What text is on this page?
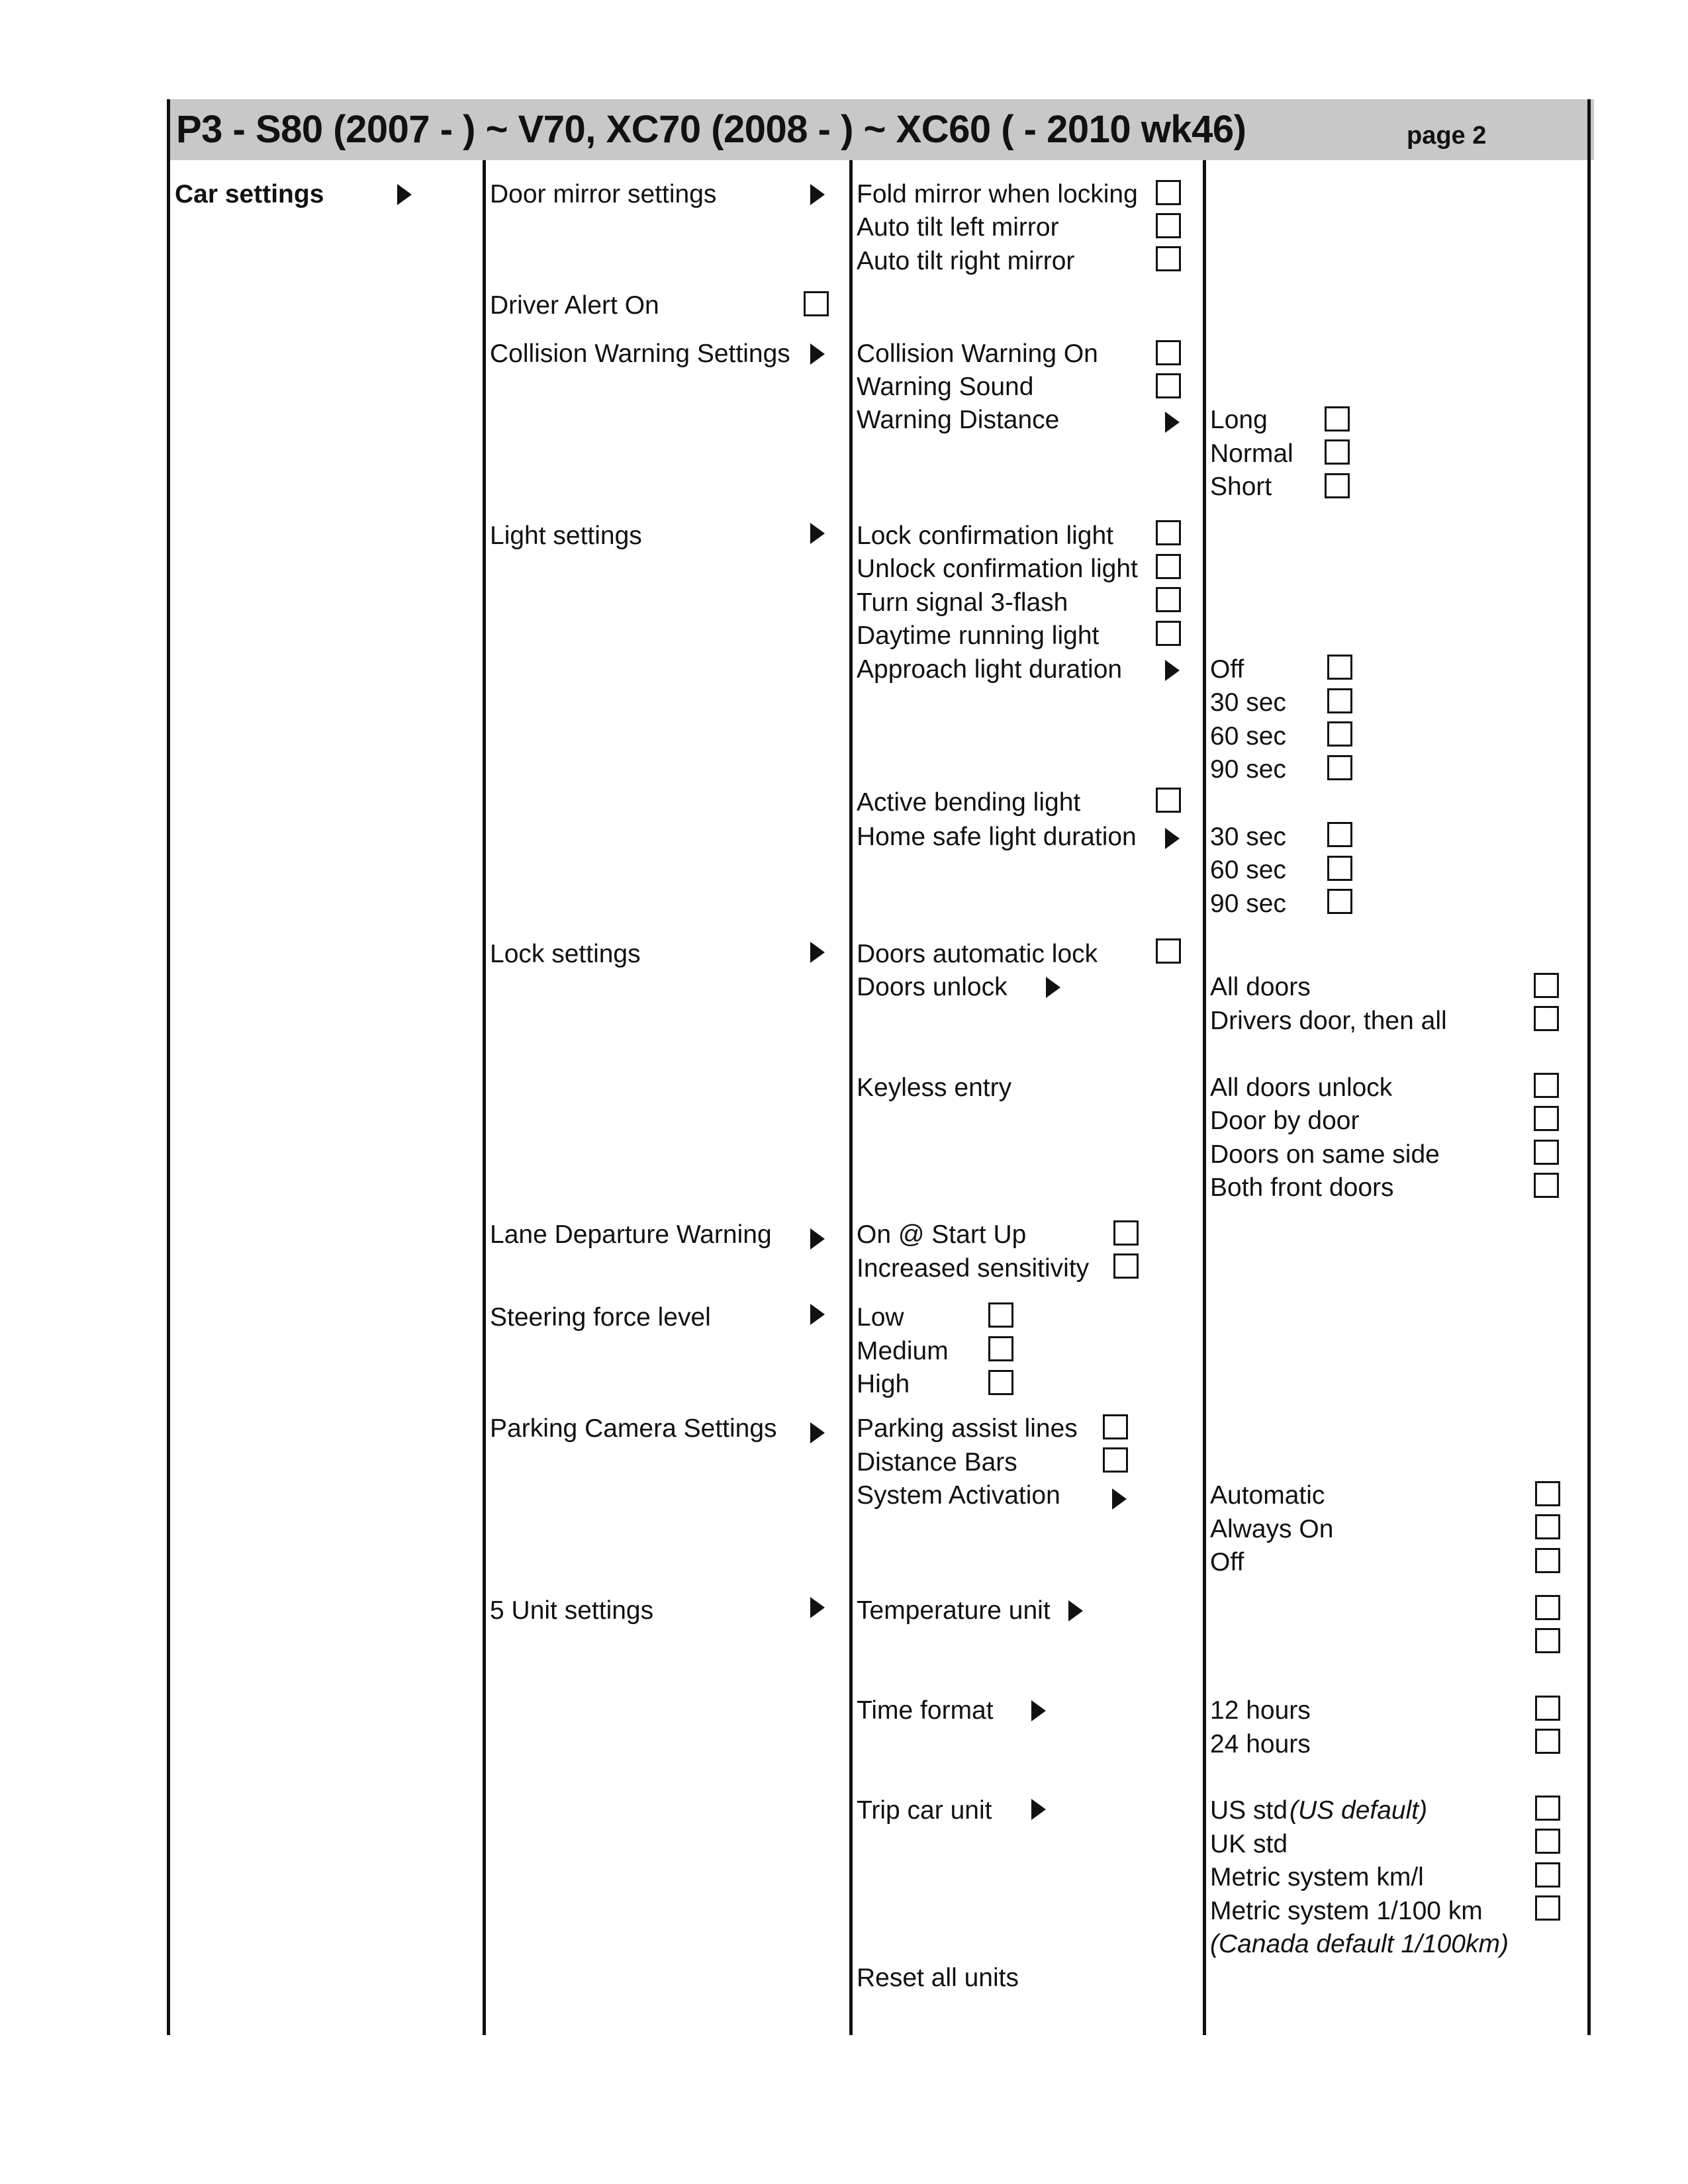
P3 - S80 (2007 - ) ~ V70, XC70 (2008 - ) ~ XC60 ( - 2010 wk46)	page 2
Car settings	Door mirror settings
Driver Alert On
Collision Warning Settings
Light settings
Lock settings
Lane Departure Warning
Steering force level
Parking Camera Settings
5 Unit settings
Fold mirror when locking
Auto tilt left mirror
Auto tilt right mirror
Collision Warning On
Warning Sound
Warning Distance
Lock confirmation light
Unlock confirmation light
Turn signal 3-flash
Daytime running light
Approach light duration
Active bending light
Home safe light duration
Doors automatic lock
Doors unlock
Keyless entry
On @ Start Up
Increased sensitivity
Low
Medium
High
Parking assist lines
Distance Bars
System Activation
Temperature unit
Time format
Trip car unit
Reset all units
Long
Normal
Short
Off
30 sec
60 sec
90 sec
30 sec
60 sec
90 sec
All doors
Drivers door, then all
All doors unlock
Door by door
Doors on same side
Both front doors
Automatic
Always On
Off
12 hours
24 hours
US std (US default)
UK std
Metric system km/l
Metric system 1/100 km
(Canada default 1/100km)
